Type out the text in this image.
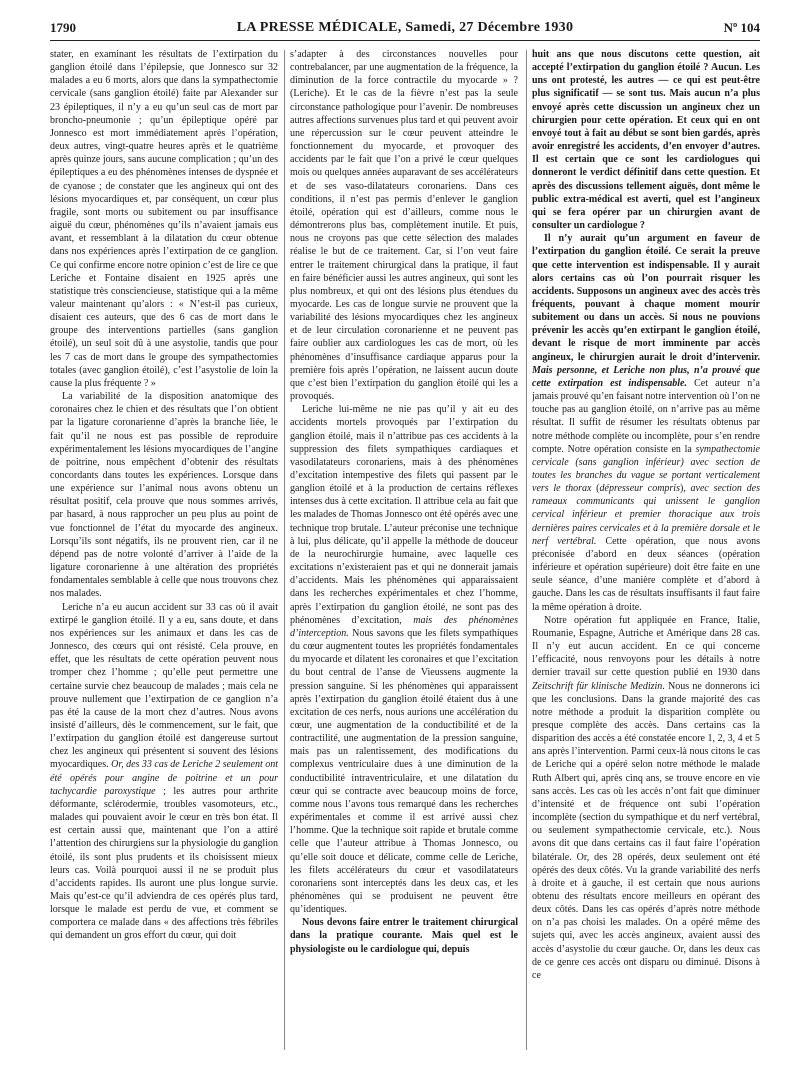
1790	LA PRESSE MÉDICALE, Samedi, 27 Décembre 1930	Nº 104

stater, en examinant les résultats de l’extirpation du ganglion étoilé dans l’épilepsie, que Jonnesco sur 32 malades a eu 6 morts, alors que dans la sympathectomie cervicale (sans ganglion étoilé) faite par Alexander sur 23 épileptiques, il n’y a eu qu’un seul cas de mort par broncho-pneumonie ; qu’un épileptique opéré par Jonnesco est mort immédiatement après l’opération, deux autres, vingt-quatre heures après et le quatrième après quinze jours, sans aucune complication ; qu’un des épileptiques a eu des phénomènes intenses de dyspnée et de cyanose ; de constater que les angineux qui ont des lésions myocardiques et, par conséquent, un cœur plus fragile, sont morts ou subitement ou par insuffisance aiguë du cœur, phénomènes qu’ils n’avaient jamais eus avant, et ressemblant à la dilatation du cœur obtenue dans nos expériences après l’extirpation de ce ganglion. Ce qui confirme encore notre opinion c’est de lire ce que Leriche et Fontaine disaient en 1925 après une statistique très consciencieuse, statistique qui a la même valeur maintenant qu’alors : « N’est-il pas curieux, disaient ces auteurs, que des 6 cas de mort dans le groupe des interventions partielles (sans ganglion étoilé), un seul soit dû à une asystolie, tandis que pour les 7 cas de mort dans le groupe des sympathectomies totales (avec ganglion étoilé), c’est l’asystolie de loin la cause la plus fréquente ? »

La variabilité de la disposition anatomique des coronaires chez le chien et des résultats que l’on obtient par la ligature coronarienne d’après la branche liée, le fait qu’il ne nous est pas possible de reproduire expérimentalement les lésions myocardiques de l’angine de poitrine, nous empêchent d’obtenir des résultats concordants dans toutes les expériences. Lorsque dans une expérience sur l’animal nous avons obtenu un résultat positif, cela prouve que nous sommes arrivés, par hasard, à nous rapprocher un peu plus au point de vue fonctionnel de l’état du myocarde des angineux. Lorsqu’ils sont négatifs, ils ne prouvent rien, car il ne dépend pas de notre volonté d’arriver à l’aide de la ligature coronarienne à une altération des propriétés fondamentales semblable à celle que nous trouvons chez nos malades.

Leriche n’a eu aucun accident sur 33 cas où il avait extirpé le ganglion étoilé. Il y a eu, sans doute, et dans nos expériences sur les animaux et dans les cas de Jonnesco, des cœurs qui ont résisté. Cela prouve, en effet, que les résultats de cette opération peuvent nous tromper chez l’homme ; qu’elle peut permettre une certaine survie chez beaucoup de malades ; mais cela ne prouve nullement que l’extirpation de ce ganglion n’a pas été la cause de la mort chez d’autres. Nous avons insisté d’ailleurs, dès le commencement, sur le fait, que l’extirpation du ganglion étoilé est dangereuse surtout chez les angineux qui présentent si souvent des lésions myocardiques. Or, des 33 cas de Leriche 2 seulement ont été opérés pour angine de poitrine et un pour tachycardie paroxystique ; les autres pour arthrite déformante, sclérodermie, troubles vasomoteurs, etc., malades qui pouvaient avoir le cœur en très bon état. Il est certain aussi que, maintenant que l’on a attiré l’attention des chirurgiens sur la physiologie du ganglion étoilé, ils sont plus prudents et ils choisissent mieux leurs cas. Voilà pourquoi aussi il ne se produit plus d’accidents rapides. Ils auront une plus longue survie. Mais qu’est-ce qu’il adviendra de ces opérés plus tard, lorsque le malade est perdu de vue, et comment se comportera ce malade dans « des affections très fébriles qui demandent un gros effort du cœur, qui doit

s’adapter à des circonstances nouvelles pour contrebalancer, par une augmentation de la fréquence, la diminution de la force contractile du myocarde » ? (Leriche). Et le cas de la fièvre n’est pas la seule circonstance pathologique pour l’avenir. De nombreuses autres affections survenues plus tard et qui peuvent avoir une répercussion sur le cœur peuvent atteindre le fonctionnement du myocarde, et provoquer des accidents par le fait que l’on a privé le cœur quelques mois ou quelques années auparavant de ses accélérateurs et de ses vaso-dilatateurs coronariens. Dans ces conditions, il n’est pas permis d’enlever le ganglion étoilé, opération qui est d’ailleurs, comme nous le démontrerons plus bas, complètement inutile. Et puis, nous ne croyons pas que cette sélection des malades réalise le but de ce traitement. Car, si l’on veut faire entrer le traitement chirurgical dans la pratique, il faut en faire bénéficier aussi les autres angineux, qui sont les plus nombreux, et qui ont des lésions plus étendues du myocarde. Les cas de longue survie ne prouvent que la variabilité des lésions myocardiques chez les angineux et de leur circulation coronarienne et ne peuvent pas faire oublier aux cardiologues les cas de mort, où les phénomènes d’insuffisance cardiaque apparus pour la première fois après l’opération, ne laissent aucun doute que c’est bien l’extirpation du ganglion étoilé qui les a provoqués.

Leriche lui-même ne nie pas qu’il y ait eu des accidents mortels provoqués par l’extirpation du ganglion étoilé, mais il n’attribue pas ces accidents à la suppression des filets sympathiques cardiaques et vasodilatateurs coronariens, mais à des phénomènes d’excitation intempestive des filets qui passent par le ganglion étoilé et à la production de certains réflexes intenses dus à cette excitation. Il attribue cela au fait que les malades de Thomas Jonnesco ont été opérés avec une technique trop brutale. L’auteur préconise une technique à lui, plus délicate, qu’il appelle la méthode de douceur de la neurochirurgie humaine, avec laquelle ces excitations n’existeraient pas et qui ne donnerait jamais d’accidents. Mais les phénomènes qui apparaissaient dans les recherches expérimentales et chez l’homme, après l’extirpation du ganglion étoilé, ne sont pas des phénomènes d’excitation, mais des phénomènes d’interception. Nous savons que les filets sympathiques du cœur augmentent toutes les propriétés fondamentales du myocarde et dilatent les coronaires et que l’excitation du bout central de l’anse de Vieussens augmente la pression sanguine. Si les phénomènes qui apparaissent après l’extirpation du ganglion étoilé étaient dus à une excitation de ces nerfs, nous aurions une accélération du cœur, une augmentation de la conductibilité et de la contractilité, une augmentation de la pression sanguine, mais pas un ralentissement, des modifications du complexus ventriculaire dues à une diminution de la conductibilité intraventriculaire, et une dilatation du cœur qui se contracte avec beaucoup moins de force, comme nous l’avons tous remarqué dans les recherches expérimentales et comme il est arrivé aussi chez l’homme. Que la technique soit rapide et brutale comme celle que l’auteur attribue à Thomas Jonnesco, ou qu’elle soit douce et délicate, comme celle de Leriche, les filets accélérateurs du cœur et vasodilatateurs coronariens sont interceptés dans les deux cas, et les phénomènes qui se produisent ne peuvent être qu’identiques.

Nous devons faire entrer le traitement chirurgical dans la pratique courante. Mais quel est le physiologiste ou le cardiologue qui, depuis

huit ans que nous discutons cette question, ait accepté l’extirpation du ganglion étoilé ? Aucun. Les uns ont protesté, les autres — ce qui est peut-être plus significatif — se sont tus. Mais aucun n’a plus envoyé après cette discussion un angineux chez un chirurgien pour cette opération. Et ceux qui en ont envoyé tout à fait au début se sont bien gardés, après avoir enregistré les accidents, d’en envoyer d’autres. Il est certain que ce sont les cardiologues qui donneront le verdict définitif dans cette question. Et après des discussions tellement aiguës, dont même le public extra-médical est averti, quel est l’angineux qui se fera opérer par un chirurgien avant de consulter un cardiologue ?

Il n’y aurait qu’un argument en faveur de l’extirpation du ganglion étoilé. Ce serait la preuve que cette intervention est indispensable. Il y aurait alors certains cas où l’on pourrait risquer les accidents. Supposons un angineux avec des accès très fréquents, pouvant à chaque moment mourir subitement ou dans un accès. Si nous ne pouvions prévenir les accès qu’en extirpant le ganglion étoilé, devant le risque de mort imminente par accès angineux, le chirurgien aurait le droit d’intervenir. Mais personne, et Leriche non plus, n’a prouvé que cette extirpation est indispensable. Cet auteur n’a jamais prouvé qu’en faisant notre intervention où l’on ne touche pas au ganglion étoilé, on n’arrive pas au même résultat. Il suffit de résumer les résultats obtenus par notre méthode complète ou incomplète, pour s’en rendre compte. Notre opération consiste en la sympathectomie cervicale (sans ganglion inférieur) avec section de toutes les branches du vague se portant verticalement vers le thorax (dépresseur compris), avec section des rameaux communicants qui unissent le ganglion cervical inférieur et premier thoracique aux trois dernières paires cervicales et à la première dorsale et le nerf vertébral. Cette opération, que nous avons préconisée d’abord en deux séances (opération inférieure et opération supérieure) doit être faite en une seule séance, d’une manière complète et d’abord à gauche. Dans les cas de résultats insuffisants il faut faire la même opération à droite.

Notre opération fut appliquée en France, Italie, Roumanie, Espagne, Autriche et Amérique dans 28 cas. Il n’y eut aucun accident. En ce qui concerne l’efficacité, nous renvoyons pour les détails à notre dernier travail sur cette question publié en 1930 dans Zeitschrift für klinische Medizin. Nous ne donnerons ici que les conclusions. Dans la grande majorité des cas notre méthode a produit la disparition complète ou presque complète des accès. Dans certains cas la disparition des accès a été constatée encore 1, 2, 3, 4 et 5 ans après l’intervention. Parmi ceux-là nous citons le cas de Leriche qui a opéré selon notre méthode le malade Ruth Albert qui, après cinq ans, se trouve encore en vie sans accès. Les cas où les accès n’ont fait que diminuer d’intensité et de fréquence ont subi l’opération incomplète (section du sympathique et du nerf vertébral, ou seulement sympathectomie cervicale, etc.). Nous avons dit que dans certains cas il faut faire l’opération bilatérale. Or, des 28 opérés, deux seulement ont été opérés des deux côtés. Vu la grande variabilité des nerfs à droite et à gauche, il est certain que nous aurions obtenu des résultats encore meilleurs en opérant des deux côtés. Dans les cas opérés d’après notre méthode on n’a pas choisi les malades. On a opéré même des sujets qui, avec les accès angineux, avaient aussi des accès d’asystolie du cœur gauche. Or, dans les deux cas de ce genre ces accès ont disparu ou diminué. Disons à ce
